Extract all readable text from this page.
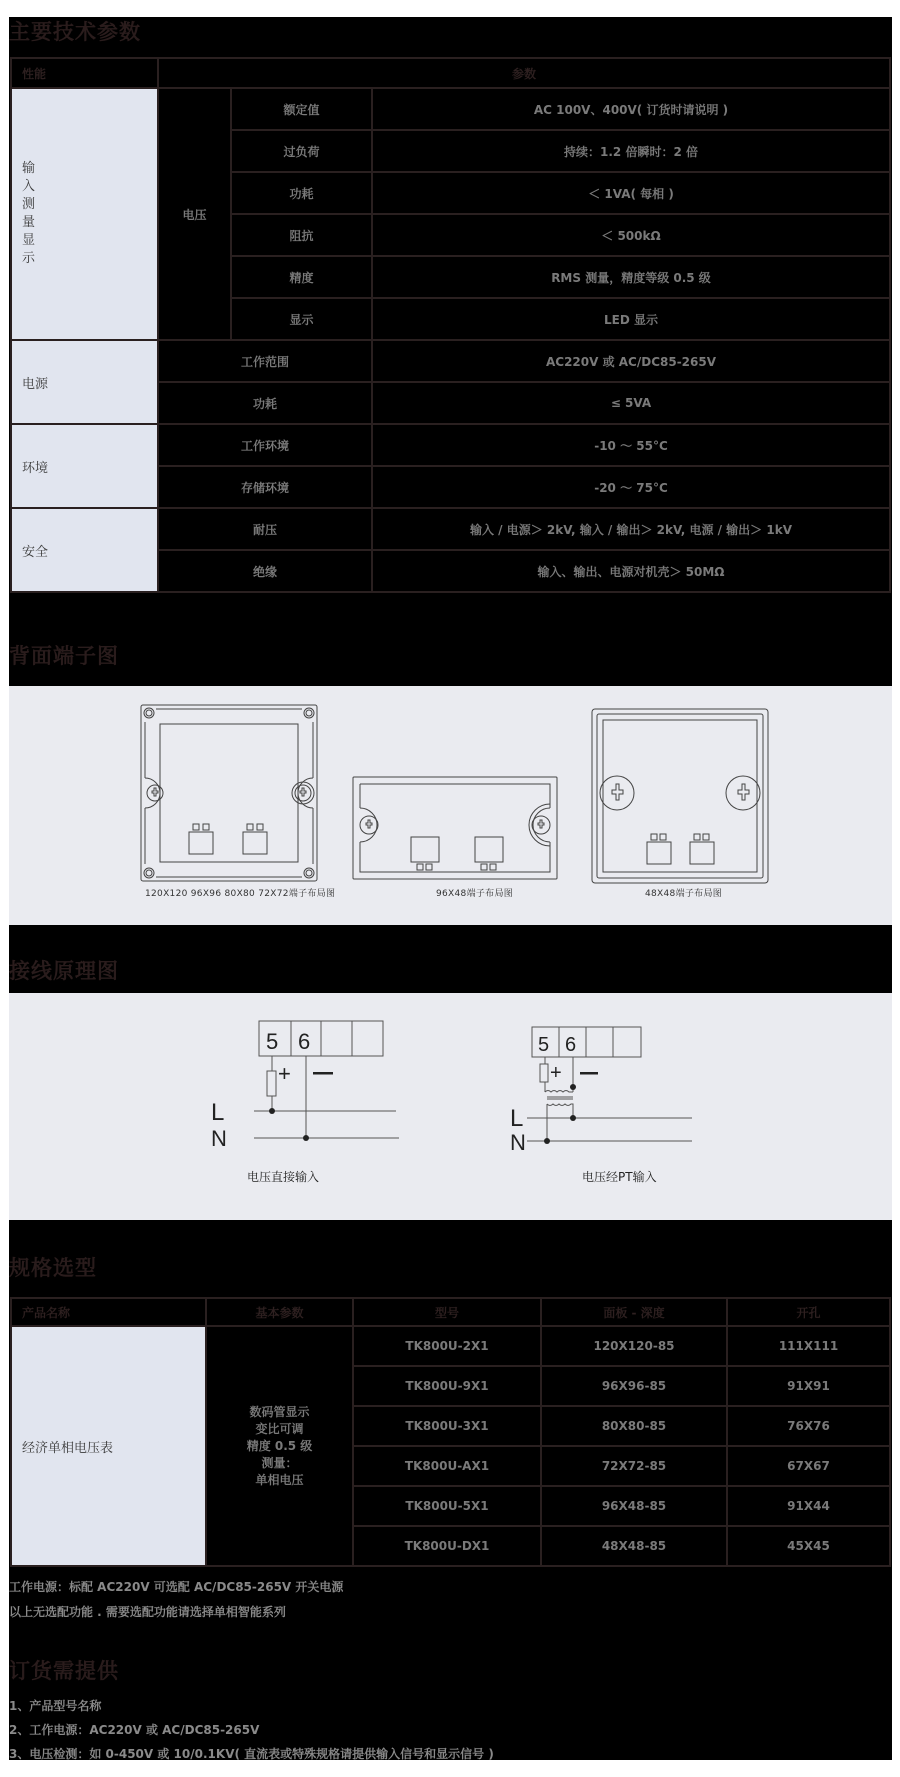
主要技术参数
性能	参数		
输入测量显示	电压	额定值	AC 100V、400V( 订货时请说明 )
		过负荷	持续：1.2 倍瞬时：2 倍
		功耗	＜ 1VA( 每相 )
		阻抗	＜ 500kΩ
		精度	RMS 测量，精度等级 0.5 级
		显示	LED 显示
电源	工作范围		AC220V 或 AC/DC85-265V
	功耗		≤ 5VA
环境	工作环境		-10 ～ 55°C
	存储环境		-20 ～ 75°C
安全	耐压		输入 / 电源＞ 2kV, 输入 / 输出＞ 2kV, 电源 / 输出＞ 1kV
	绝缘		输入、输出、电源对机壳＞ 50MΩ
背面端子图
120X120 96X96 80X80 72X72端子布局图	96X48端子布局图	48X48端子布局图
接线原理图
5 6
+
L
N
电压直接输入
5 6
+
L
N
电压经PT输入
规格选型
产品名称	基本参数	型号	面板 - 深度	开孔
经济单相电压表	数码管显示
变比可调
精度 0.5 级
测量：
单相电压	TK800U-2X1	120X120-85	111X111
		TK800U-9X1	96X96-85	91X91
		TK800U-3X1	80X80-85	76X76
		TK800U-AX1	72X72-85	67X67
		TK800U-5X1	96X48-85	91X44
		TK800U-DX1	48X48-85	45X45
工作电源：标配 AC220V 可选配 AC/DC85-265V 开关电源
以上无选配功能 . 需要选配功能请选择单相智能系列
订货需提供
1、产品型号名称
2、工作电源：AC220V 或 AC/DC85-265V
3、电压检测：如 0-450V 或 10/0.1KV( 直流表或特殊规格请提供输入信号和显示信号 )
